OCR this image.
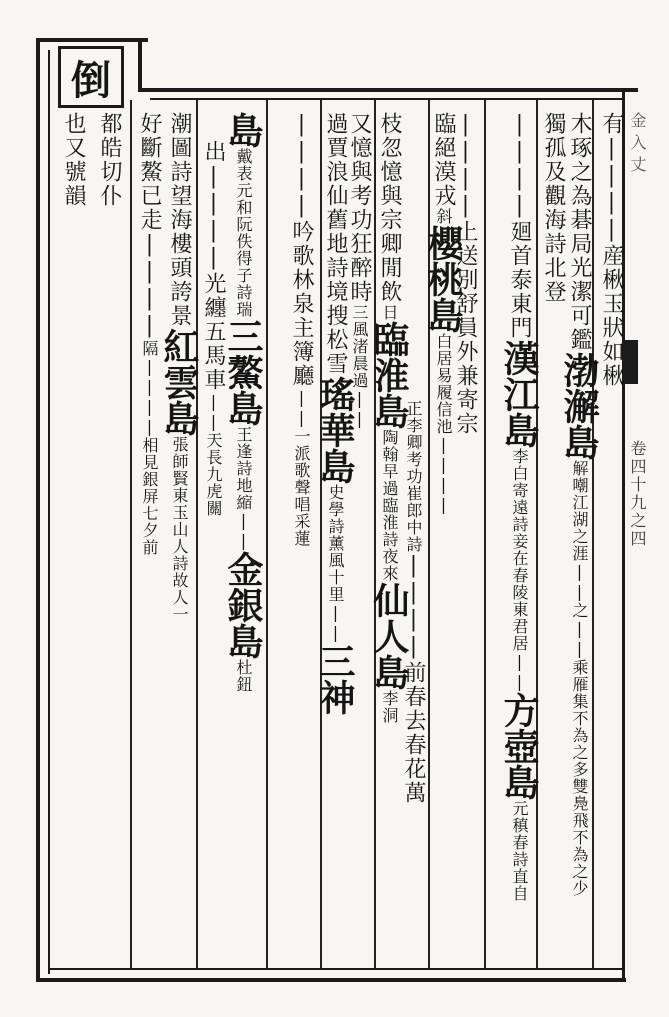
倒
金入丈
卷四十九之四
有||||産楸玉狀如楸
木琢之為碁局光潔可鑑渤澥島解嘲江湖之涯||之||乘雁集不為之多雙鳧飛不為之少
獨孤及觀海詩北登
||||廻首泰東門漢江島李白寄遠詩妾在春陵東君居||方壺島元稹春詩直自
||||上送別舒員外兼寄宗
臨絕漠戎斜櫻桃島白居易履信池||||
正李卿考功崔郎中詩||||前春去春花萬
枝忽憶與宗卿閒飲日臨淮島陶翰早過臨淮詩夜來仙人島李洞
又憶與考功狂醉時三風渚晨過||
過賈浪仙舊地詩境搜松雪瑤華島史學詩薰風十里||三神
||||吟歌林泉主簿廳||一派歌聲唱采蓮
島戴表元和阮佚得子詩瑞三鰲島王逢詩地縮||金銀島杜鈕
出||||光纏五馬車||天長九虎關
潮圖詩望海樓頭誇景紅雲島張師賢東玉山人詩故人一
好斷鰲已走||||隔||||相見銀屏七夕前
都皓切仆
也又號韻
